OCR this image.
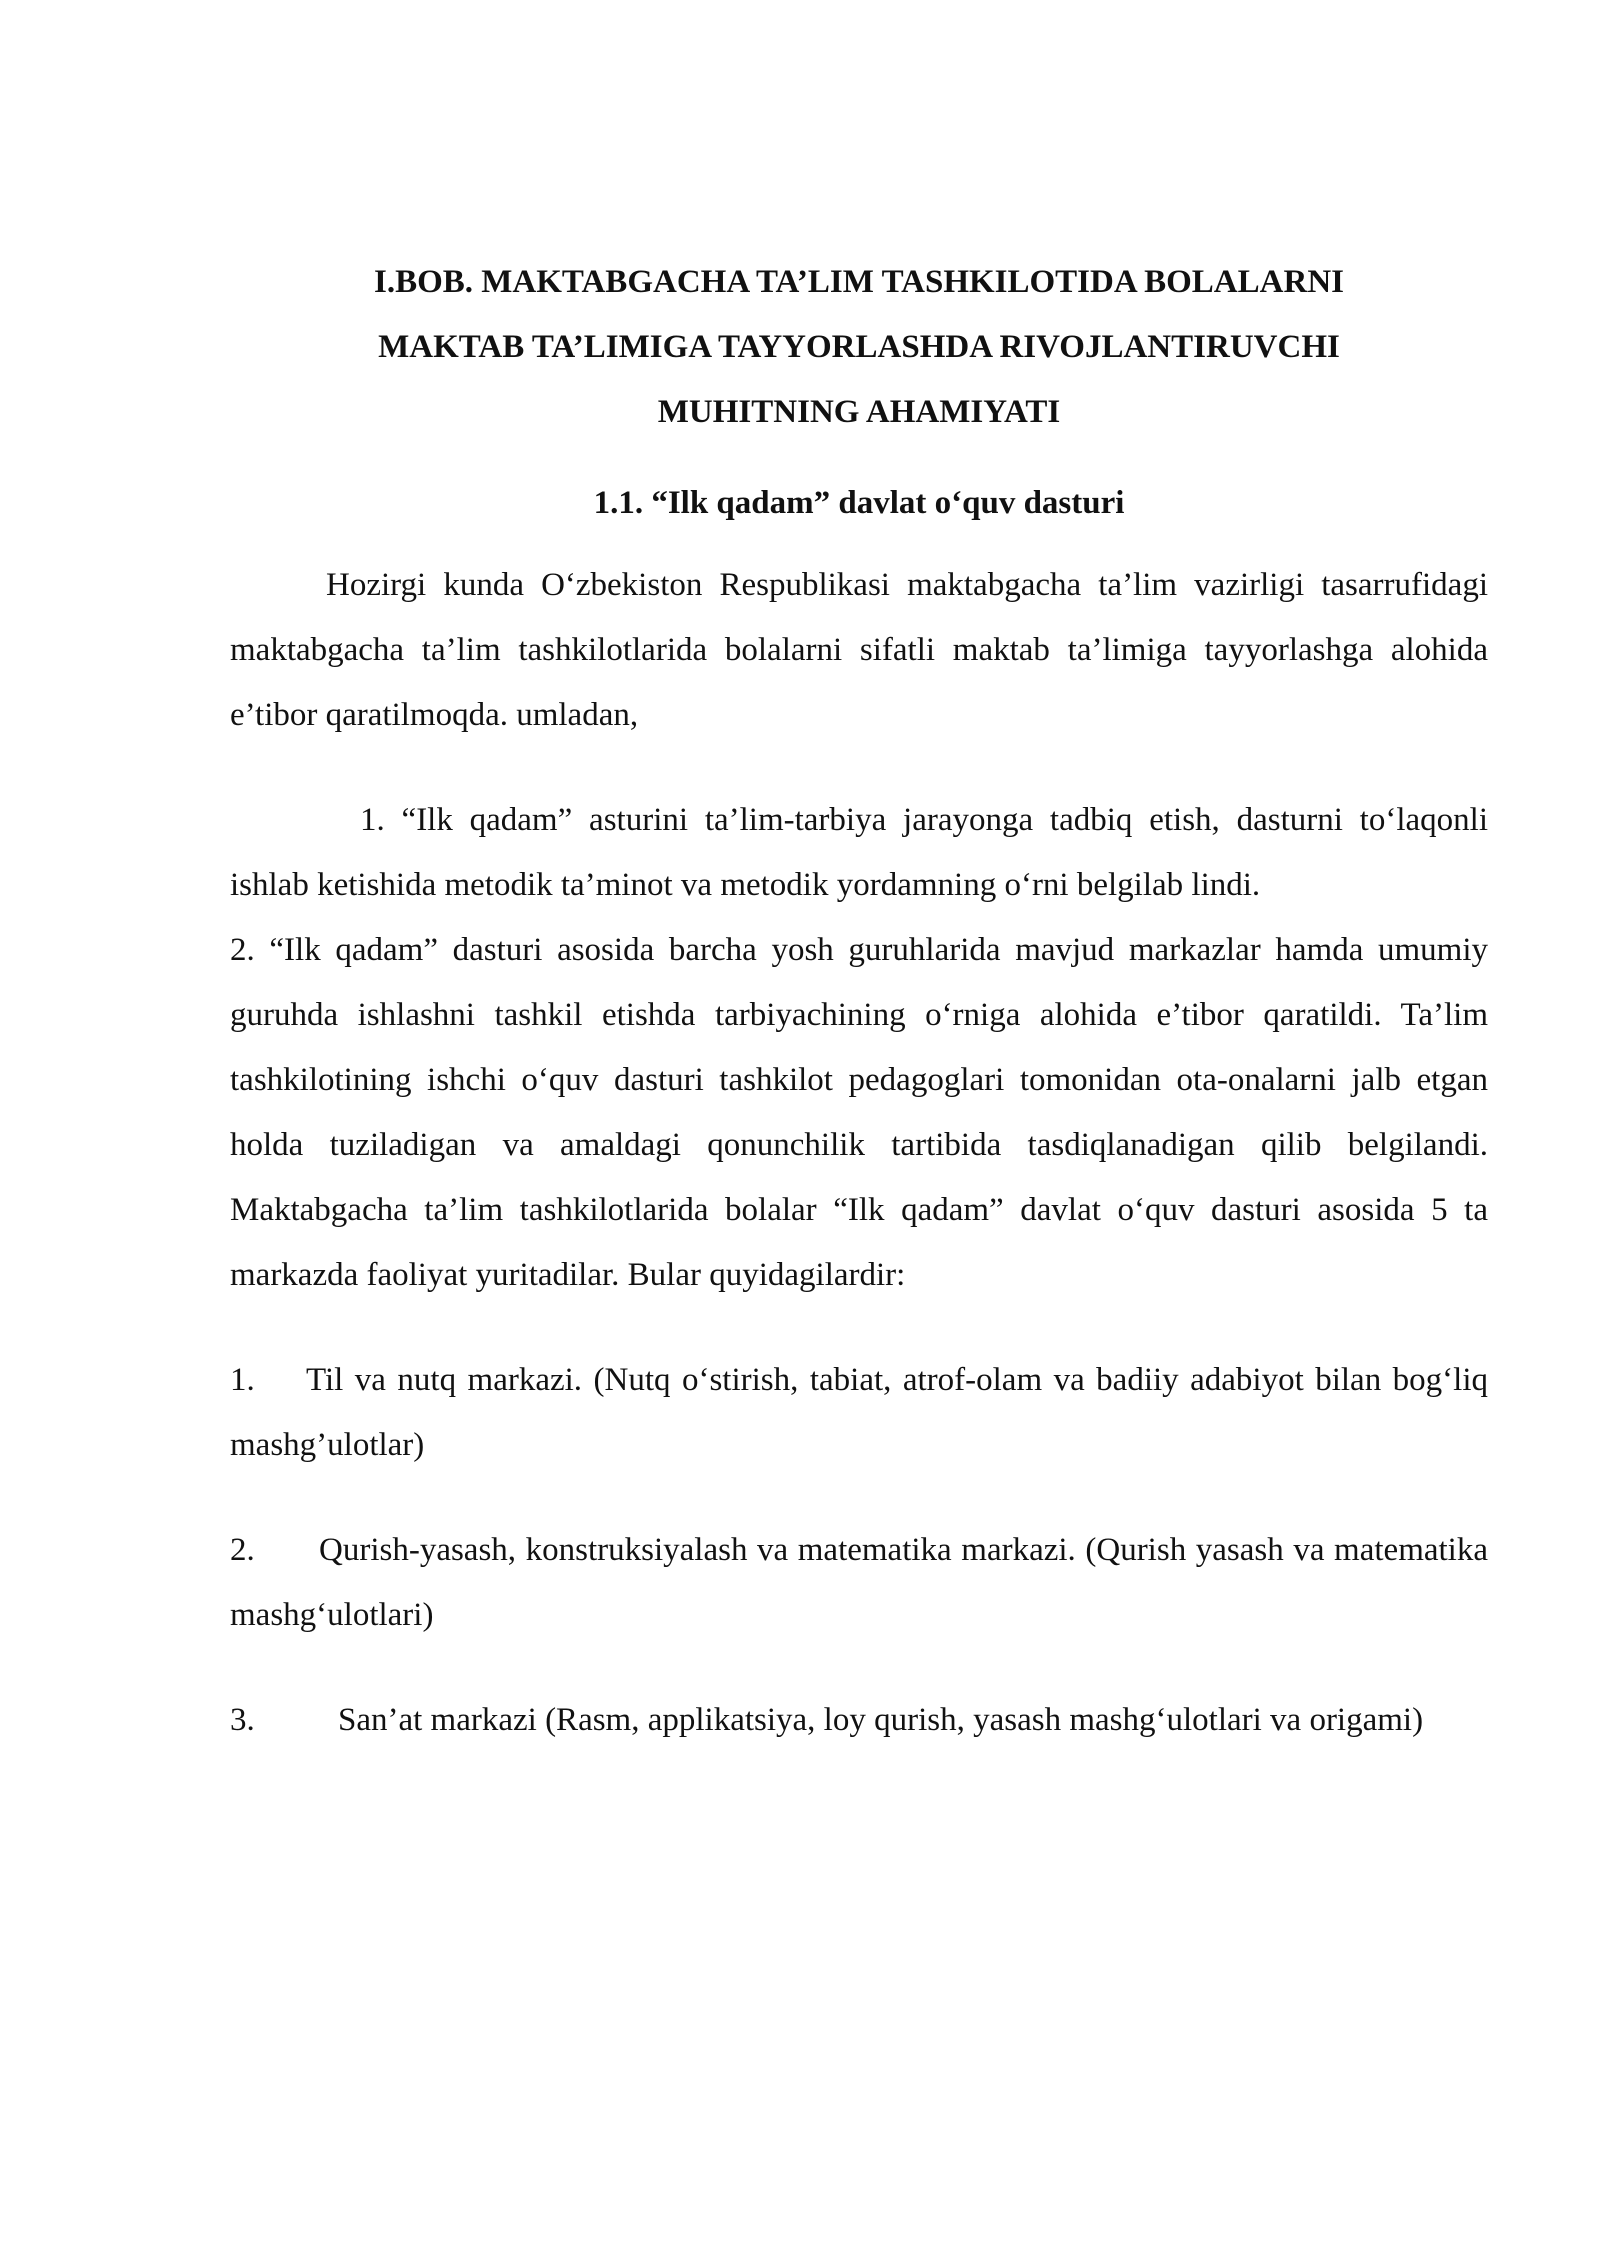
I.BOB. MAKTABGACHA TA’LIM TASHKILOTIDA BOLALARNI
MAKTAB TA’LIMIGA TAYYORLASHDA RIVOJLANTIRUVCHI
MUHITNING AHAMIYATI
1.1. “Ilk qadam” davlat o‘quv dasturi

Hozirgi kunda O‘zbekiston Respublikasi maktabgacha ta’lim vazirligi tasarrufidagi maktabgacha ta’lim tashkilotlarida bolalarni sifatli maktab ta’limiga tayyorlashga alohida e’tibor qaratilmoqda. umladan,

1. “Ilk qadam” asturini ta’lim-tarbiya jarayonga tadbiq etish, dasturni to‘laqonli ishlab ketishida metodik ta’minot va metodik yordamning o‘rni belgilab lindi.

2. “Ilk qadam” dasturi asosida barcha yosh guruhlarida mavjud markazlar hamda umumiy guruhda ishlashni tashkil etishda tarbiyachining o‘rniga alohida e’tibor qaratildi. Ta’lim tashkilotining ishchi o‘quv dasturi tashkilot pedagoglari tomonidan ota-onalarni jalb etgan holda tuziladigan va amaldagi qonunchilik tartibida tasdiqlanadigan qilib belgilandi. Maktabgacha ta’lim tashkilotlarida bolalar “Ilk qadam” davlat o‘quv dasturi asosida 5 ta markazda faoliyat yuritadilar. Bular quyidagilardir:

1. Til va nutq markazi. (Nutq o‘stirish, tabiat, atrof-olam va badiiy adabiyot bilan bog‘liq mashg’ulotlar)

2. Qurish-yasash, konstruksiyalash va matematika markazi. (Qurish yasash va matematika mashg‘ulotlari)

3.	San’at markazi (Rasm, applikatsiya, loy qurish, yasash mashg‘ulotlari va origami)
